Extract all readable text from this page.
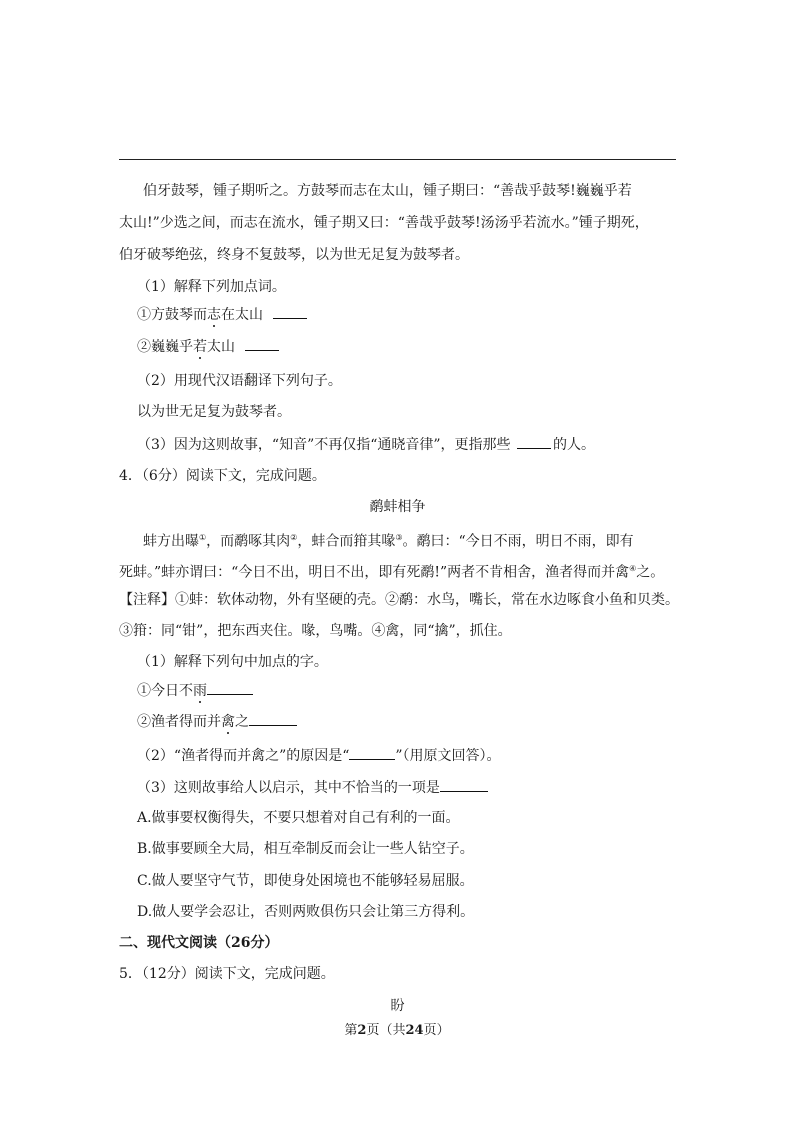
伯牙鼓琴，锺子期听之。方鼓琴而志在太山，锺子期曰：“善哉乎鼓琴!巍巍乎若
太山!”少选之间，而志在流水，锺子期又曰：“善哉乎鼓琴!汤汤乎若流水。”锺子期死，
伯牙破琴绝弦，终身不复鼓琴，以为世无足复为鼓琴者。
（1）解释下列加点词。
①方鼓琴而志在太山
②巍巍乎若太山
（2）用现代汉语翻译下列句子。
以为世无足复为鼓琴者。
（3）因为这则故事，“知音”不再仅指“通晓音律”，更指那些	的人。
4．（6分）阅读下文，完成问题。
鹬蚌相争
蚌方出曝①，而鹬啄其肉②，蚌合而箝其喙③。鹬曰：“今日不雨，明日不雨，即有
死蚌。”蚌亦谓曰：“今日不出，明日不出，即有死鹬!”两者不肯相舍，渔者得而并禽④之。
【注释】①蚌：软体动物，外有坚硬的壳。②鹬：水鸟，嘴长，常在水边啄食小鱼和贝类。
③箝：同“钳”，把东西夹住。喙，鸟嘴。④禽，同“擒”，抓住。
（1）解释下列句中加点的字。
①今日不雨
②渔者得而并禽之
（2）“渔者得而并禽之”的原因是“	”（用原文回答）。
（3）这则故事给人以启示，其中不恰当的一项是
A.做事要权衡得失，不要只想着对自己有利的一面。
B.做事要顾全大局，相互牵制反而会让一些人钻空子。
C.做人要坚守气节，即使身处困境也不能够轻易屈服。
D.做人要学会忍让，否则两败俱伤只会让第三方得利。
二、现代文阅读（26分）
5．（12分）阅读下文，完成问题。
盼
第2页（共24页）
